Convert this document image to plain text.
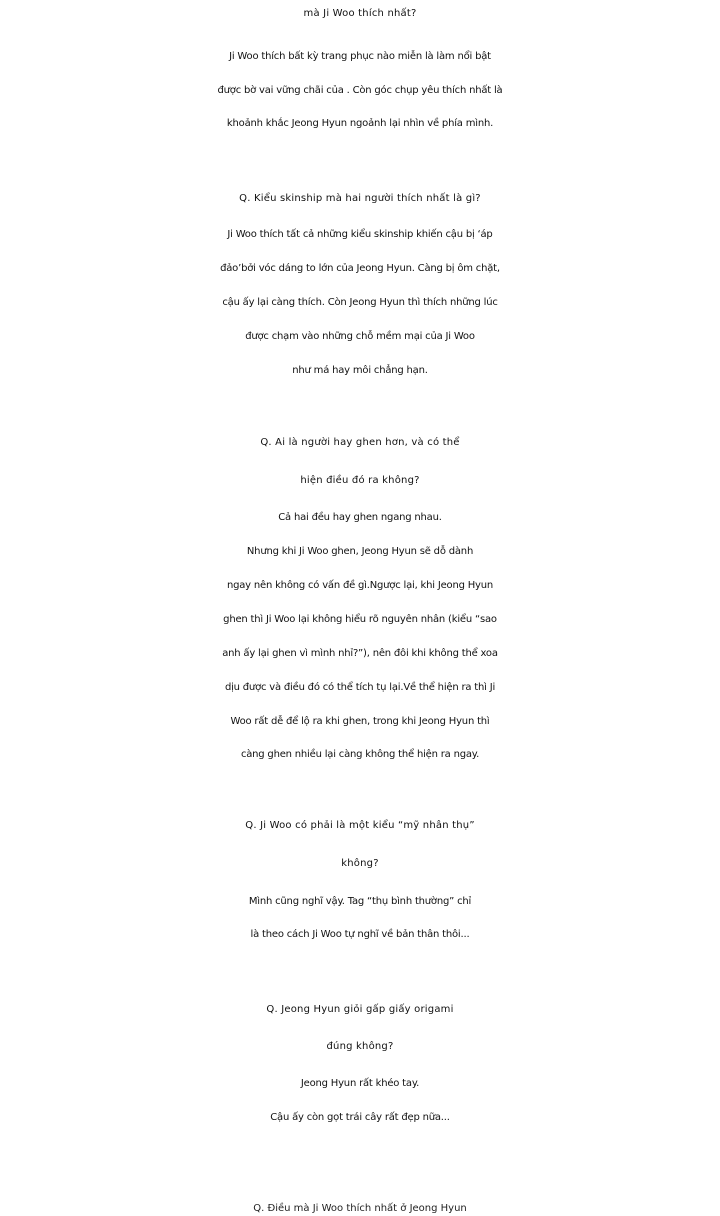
mà Ji Woo thích nhất?
Ji Woo thích bất kỳ trang phục nào miễn là làm nổi bật
được bờ vai vững chãi của . Còn góc chụp yêu thích nhất là
khoảnh khắc Jeong Hyun ngoảnh lại nhìn về phía mình.
Q. Kiểu skinship mà hai người thích nhất là gì?
Ji Woo thích tất cả những kiểu skinship khiến cậu bị ‘áp
đảo’bởi vóc dáng to lớn của Jeong Hyun. Càng bị ôm chặt,
cậu ấy lại càng thích. Còn Jeong Hyun thì thích những lúc
được chạm vào những chỗ mềm mại của Ji Woo
như má hay môi chẳng hạn.
Q. Ai là người hay ghen hơn, và có thể
hiện điều đó ra không?
Cả hai đều hay ghen ngang nhau.
Nhưng khi Ji Woo ghen, Jeong Hyun sẽ dỗ dành
ngay nên không có vấn đề gì.Ngược lại, khi Jeong Hyun
ghen thì Ji Woo lại không hiểu rõ nguyên nhân (kiểu “sao
anh ấy lại ghen vì mình nhỉ?”), nên đôi khi không thể xoa
dịu được và điều đó có thể tích tụ lại.Về thể hiện ra thì Ji
Woo rất dễ để lộ ra khi ghen, trong khi Jeong Hyun thì
càng ghen nhiều lại càng không thể hiện ra ngay.
Q. Ji Woo có phải là một kiểu “mỹ nhân thụ”
không?
Mình cũng nghĩ vậy. Tag “thụ bình thường” chỉ
là theo cách Ji Woo tự nghĩ về bản thân thôi...
Q. Jeong Hyun giỏi gấp giấy origami
đúng không?
Jeong Hyun rất khéo tay.
Cậu ấy còn gọt trái cây rất đẹp nữa...
Q. Điều mà Ji Woo thích nhất ở Jeong Hyun
